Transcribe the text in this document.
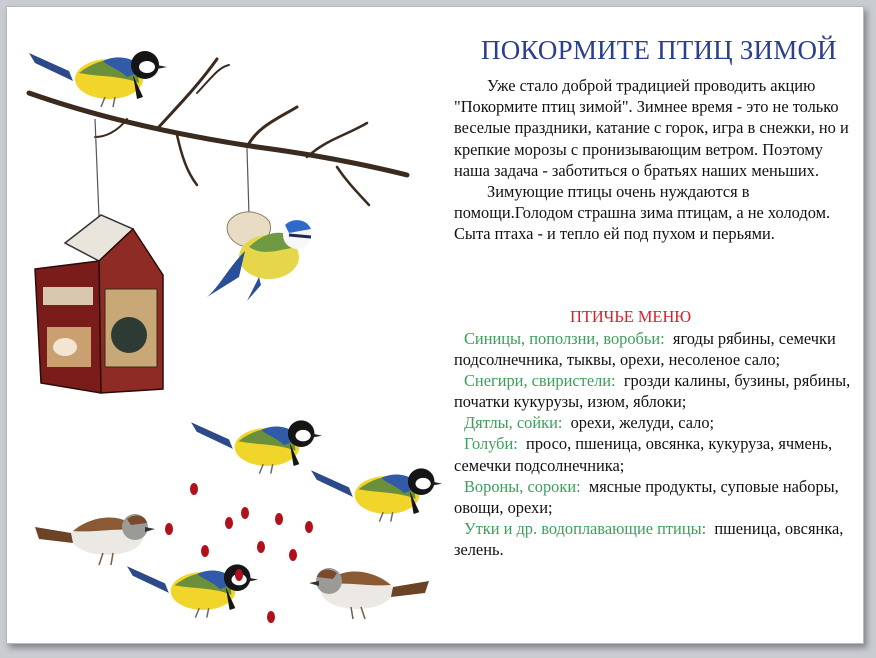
ПОКОРМИТЕ ПТИЦ ЗИМОЙ

Уже стало доброй традицией проводить акцию "Покормите птиц зимой". Зимнее время - это не только веселые праздники, катание с горок, игра в снежки, но и крепкие морозы с пронизывающим ветром. Поэтому наша задача - заботиться о братьях наших меньших.

Зимующие птицы очень нуждаются в помощи.Голодом страшна зима птицам, а не холодом. Сыта птаха - и тепло ей под пухом и перьями.

ПТИЧЬЕ МЕНЮ
Синицы, поползни, воробьи: ягоды рябины, семечки подсолнечника, тыквы, орехи, несоленое сало;
Снегири, свиристели: грозди калины, бузины, рябины, початки кукурузы, изюм, яблоки;
Дятлы, сойки: орехи, желуди, сало;
Голуби: просо, пшеница, овсянка, кукуруза, ячмень, семечки подсолнечника;
Вороны, сороки: мясные продукты, суповые наборы, овощи, орехи;
Утки и др. водоплавающие птицы: пшеница, овсянка, зелень.
